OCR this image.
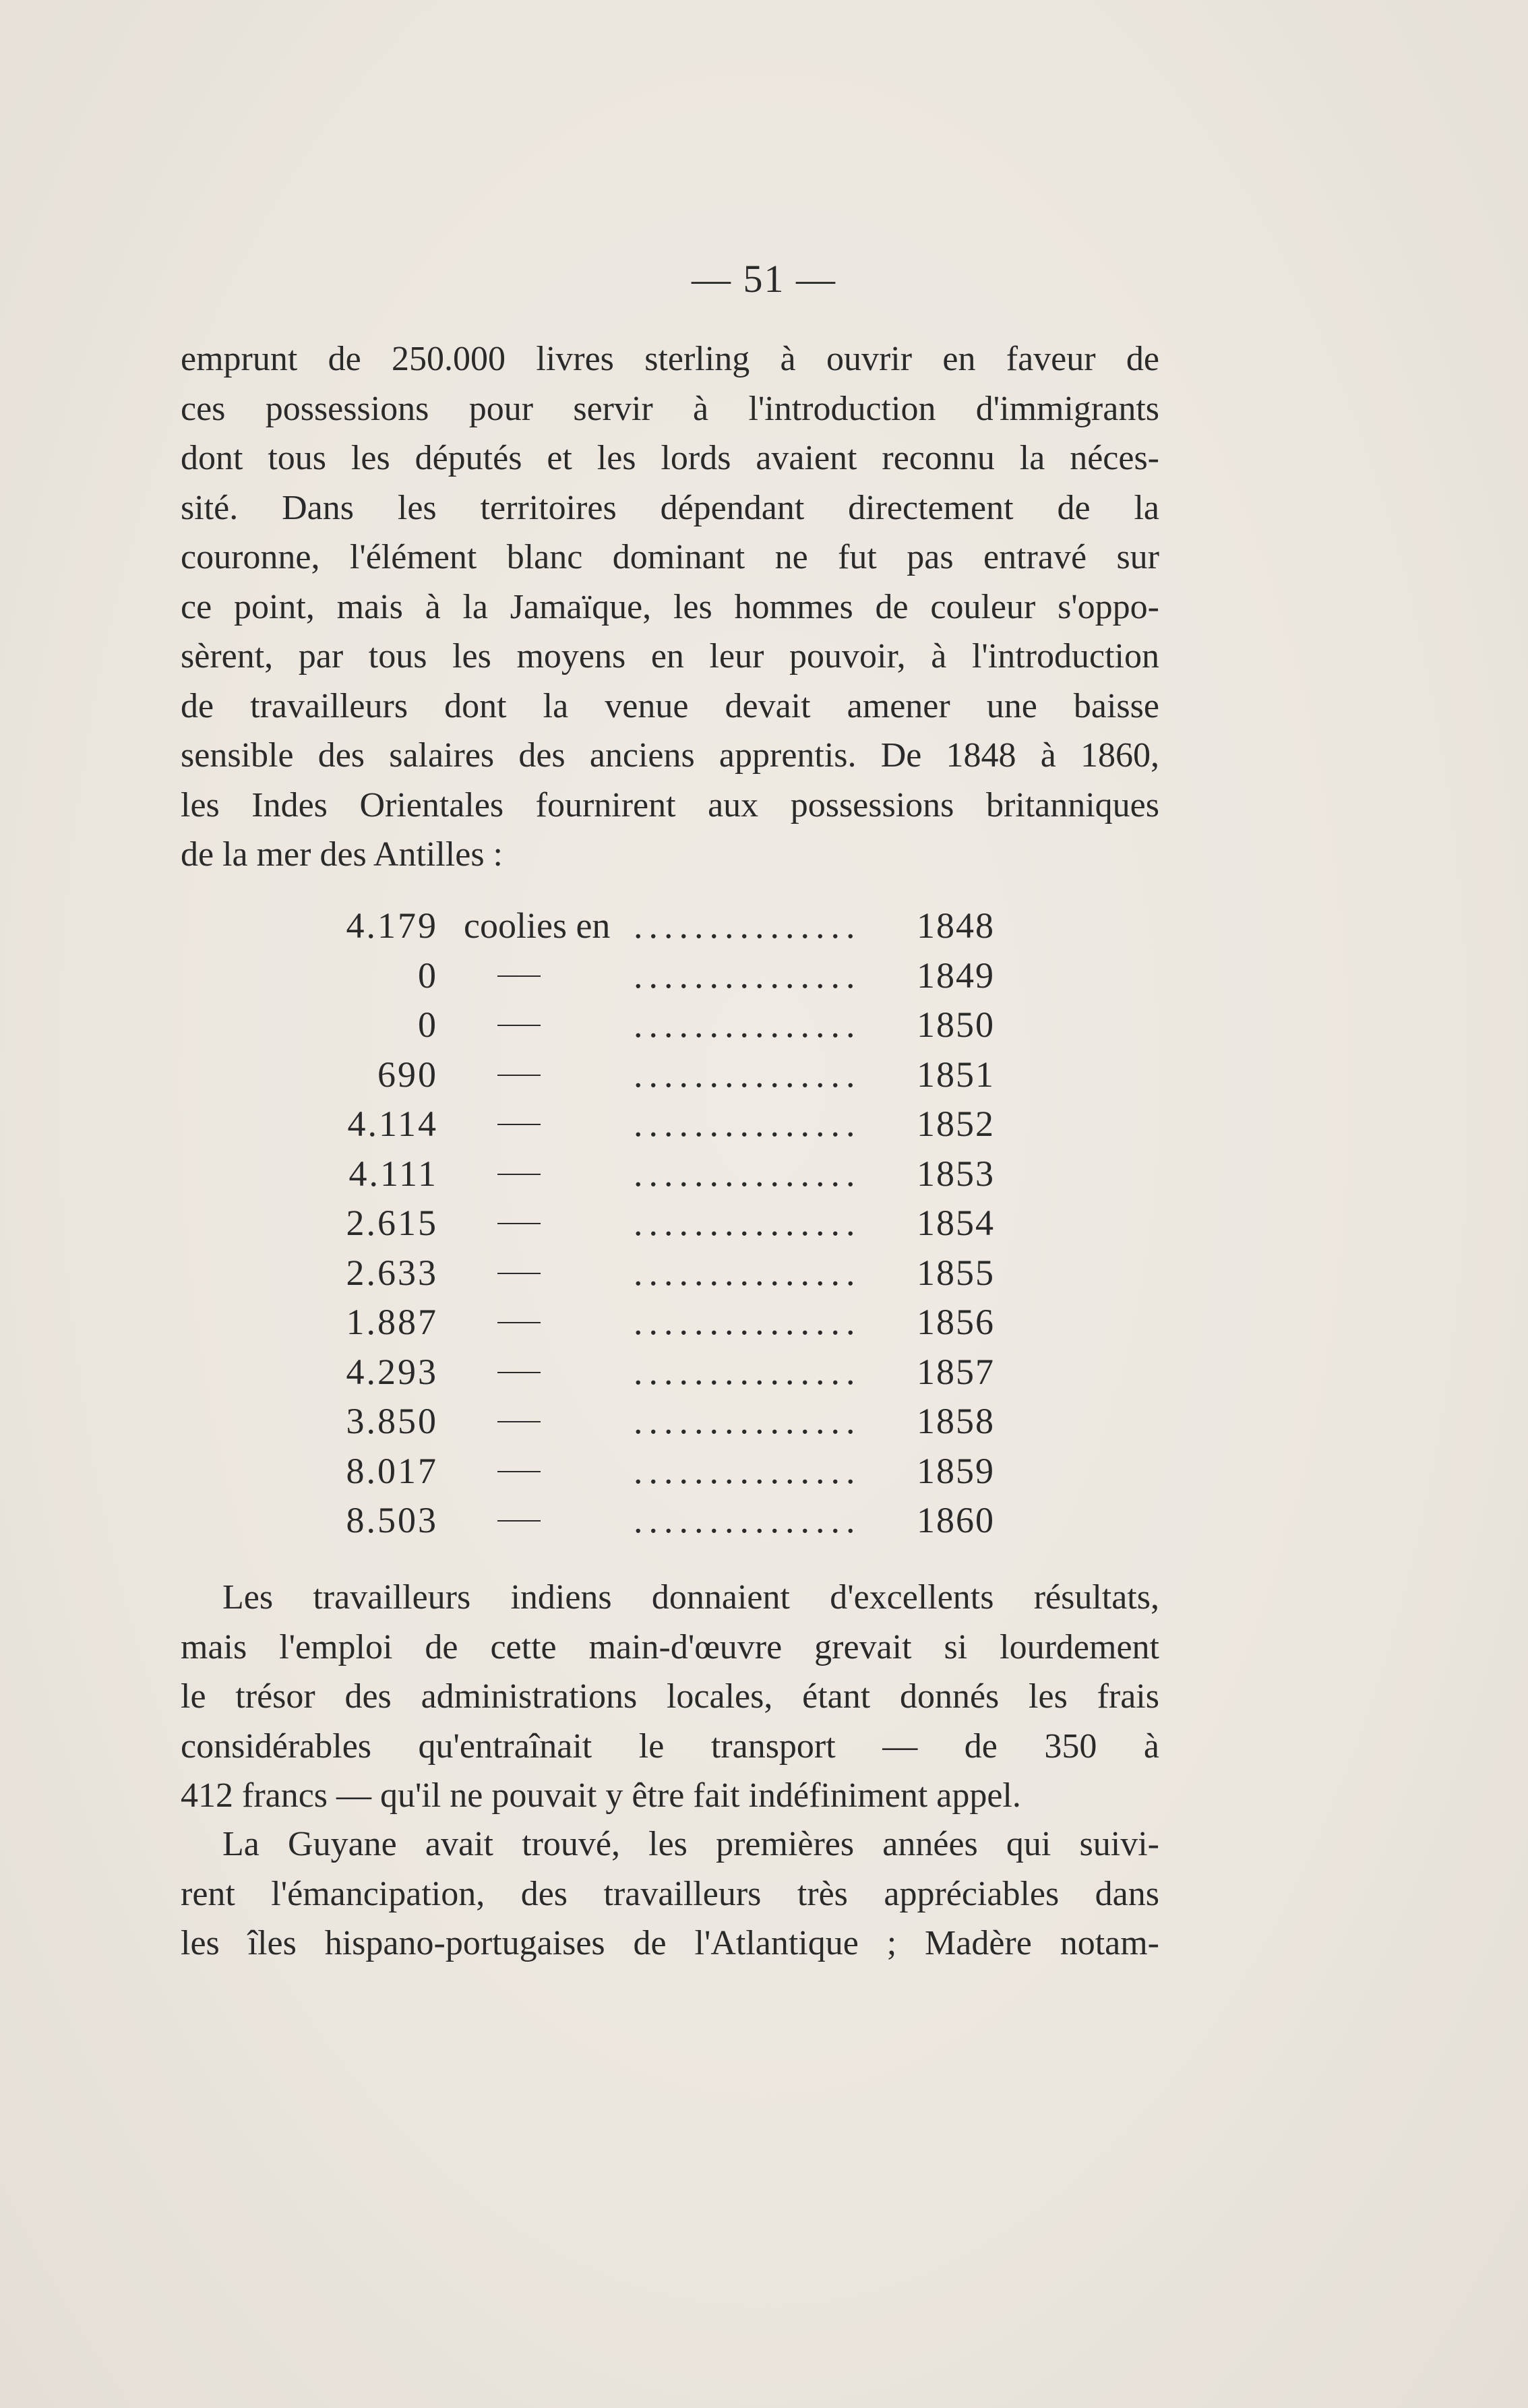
— 51 —
emprunt de 250.000 livres sterling à ouvrir en faveur de
ces possessions pour servir à l'introduction d'immigrants
dont tous les députés et les lords avaient reconnu la néces-
sité. Dans les territoires dépendant directement de la
couronne, l'élément blanc dominant ne fut pas entravé sur
ce point, mais à la Jamaïque, les hommes de couleur s'oppo-
sèrent, par tous les moyens en leur pouvoir, à l'introduction
de travailleurs dont la venue devait amener une baisse
sensible des salaires des anciens apprentis. De 1848 à 1860,
les Indes Orientales fournirent aux possessions britanniques
de la mer des Antilles :
4.179 coolies en ...............	1848
0	...............	1849
0	...............	1850
690	...............	1851
4.114	...............	1852
4.111	...............	1853
2.615	...............	1854
2.633	...............	1855
1.887	...............	1856
4.293	...............	1857
3.850	...............	1858
8.017	...............	1859
8.503	...............	1860
Les travailleurs indiens donnaient d'excellents résultats,
mais l'emploi de cette main-d'œuvre grevait si lourdement
le trésor des administrations locales, étant donnés les frais
considérables qu'entraînait le transport — de 350 à
412 francs — qu'il ne pouvait y être fait indéfiniment appel.
La Guyane avait trouvé, les premières années qui suivi-
rent l'émancipation, des travailleurs très appréciables dans
les îles hispano-portugaises de l'Atlantique ; Madère notam-
